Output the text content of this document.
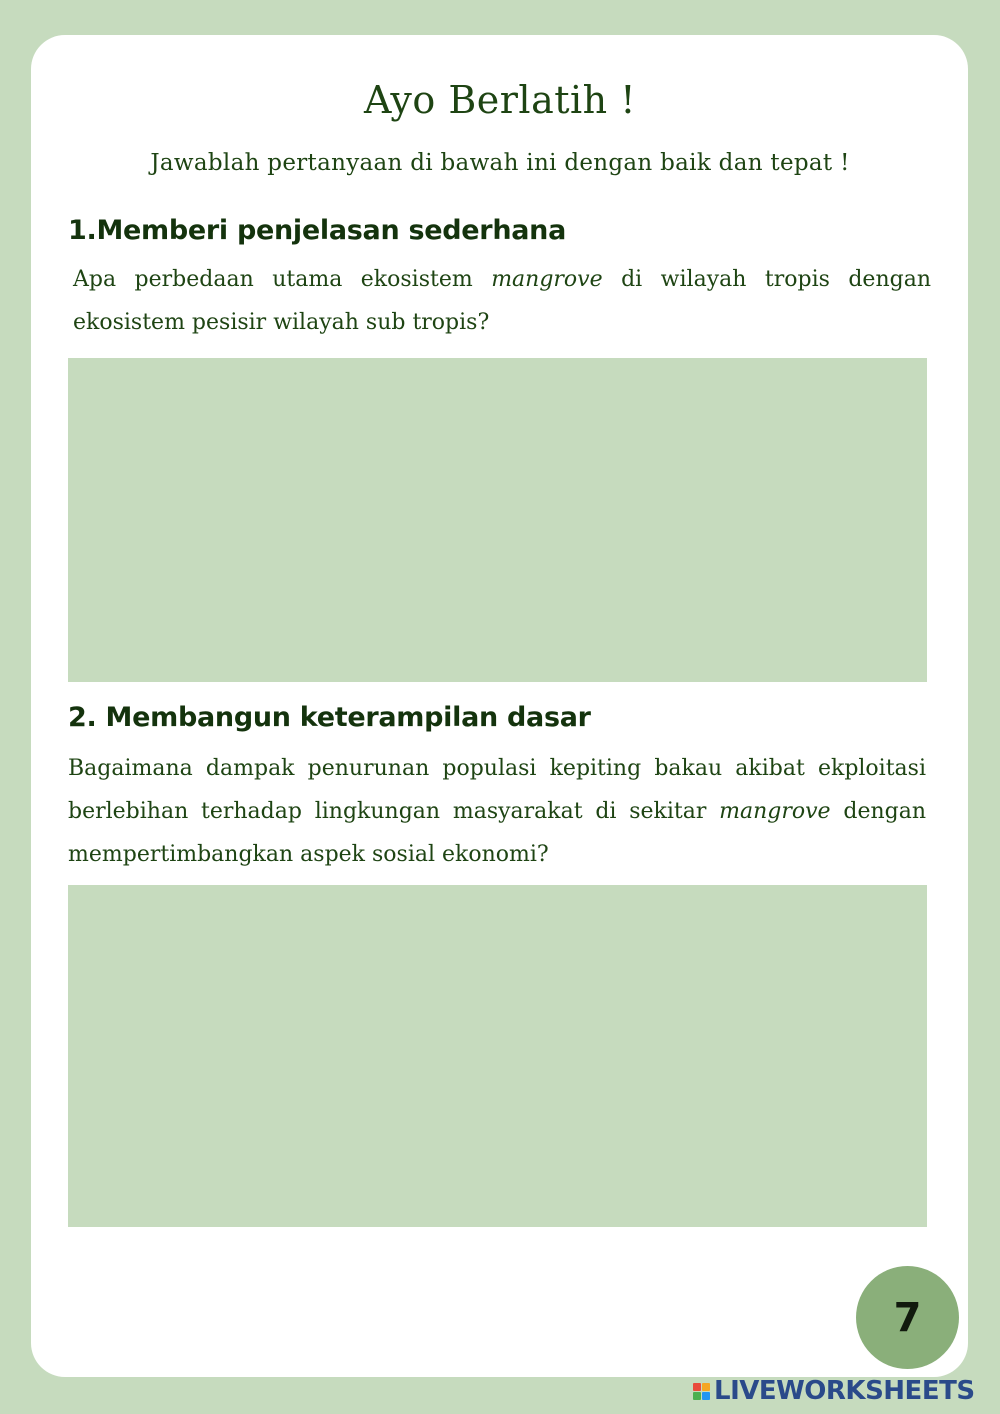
Ayo Berlatih !
Jawablah pertanyaan di bawah ini dengan baik dan tepat !
1.Memberi penjelasan sederhana

Apa perbedaan utama ekosistem mangrove di wilayah tropis dengan ekosistem pesisir wilayah sub tropis?

2. Membangun keterampilan dasar

Bagaimana dampak penurunan populasi kepiting bakau akibat ekploitasi berlebihan terhadap lingkungan masyarakat di sekitar mangrove dengan mempertimbangkan aspek sosial ekonomi?

7
LIVEWORKSHEETS
